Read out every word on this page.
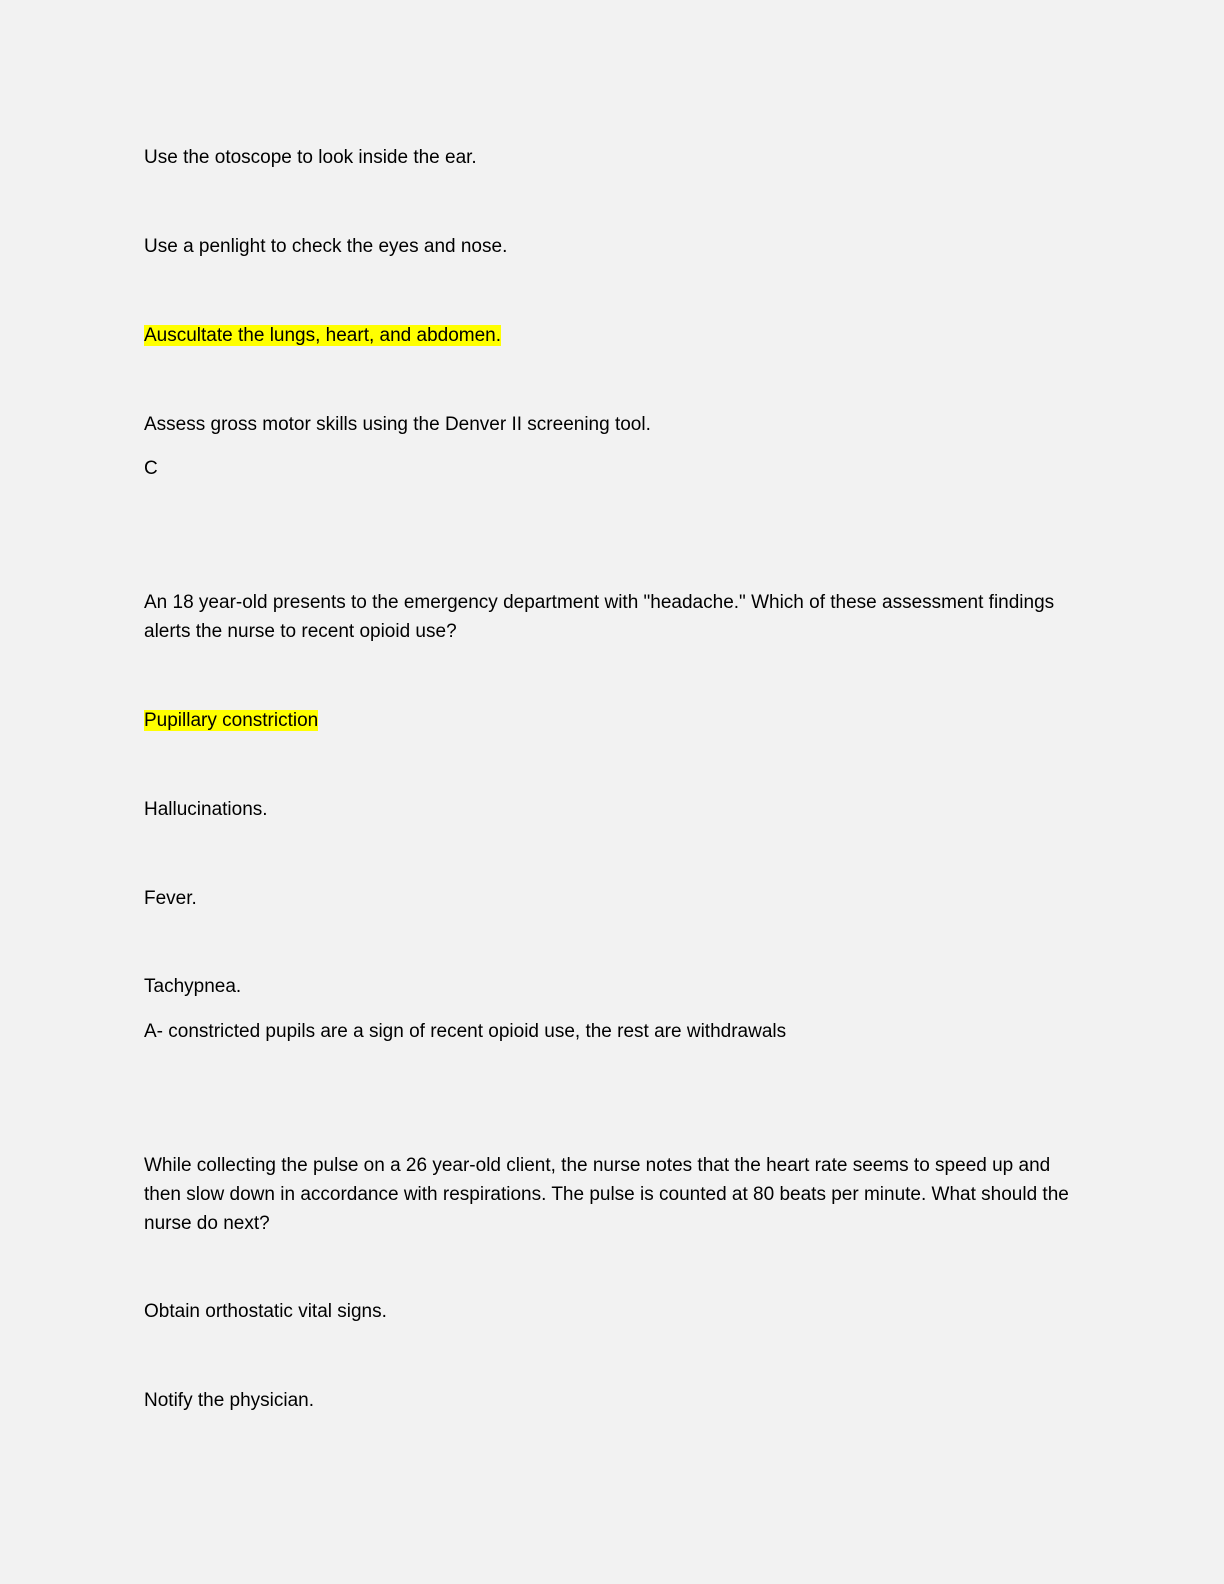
Use the otoscope to look inside the ear.
Use a penlight to check the eyes and nose.
Auscultate the lungs, heart, and abdomen.
Assess gross motor skills using the Denver II screening tool.
C
An 18 year-old presents to the emergency department with "headache." Which of these assessment findings alerts the nurse to recent opioid use?
Pupillary constriction
Hallucinations.
Fever.
Tachypnea.
A- constricted pupils are a sign of recent opioid use, the rest are withdrawals
While collecting the pulse on a 26 year-old client, the nurse notes that the heart rate seems to speed up and then slow down in accordance with respirations. The pulse is counted at 80 beats per minute. What should the nurse do next?
Obtain orthostatic vital signs.
Notify the physician.
